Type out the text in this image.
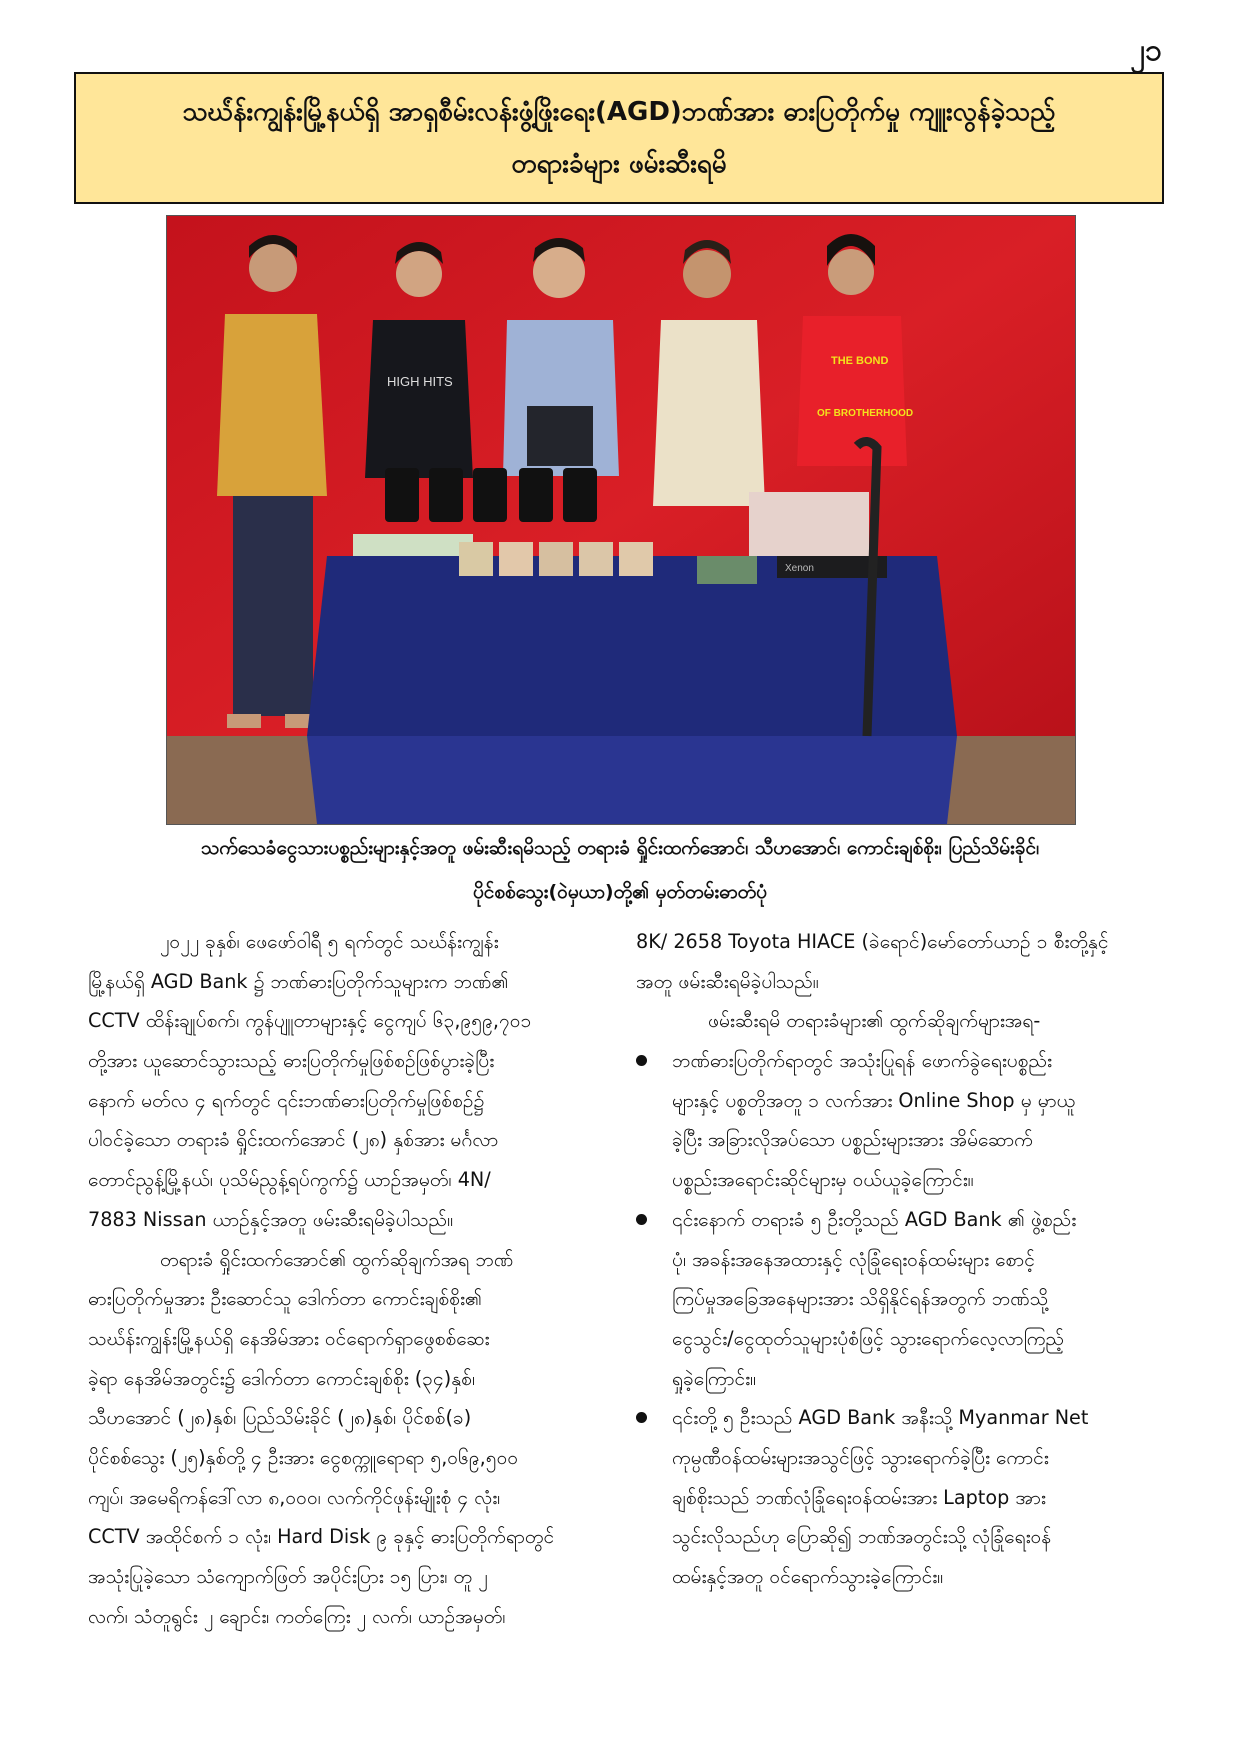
၂၁
သဃ်ံန်းကျွန်းမြို့နယ်ရှိ အာရှစီမ်းလန်းဖွံ့ဖြိုးရေး(AGD)ဘဏ်အား ဓားပြတိုက်မှု ကျူးလွန်ခဲ့သည့်
တရားခံများ ဖမ်းဆီးရမိ
HIGH HITS
THE BOND
OF BROTHERHOOD
Xenon
သက်သေခံငွေသားပစ္စည်းများနှင့်အတူ ဖမ်းဆီးရမိသည့် တရားခံ ရှိုင်းထက်အောင်၊ သီဟအောင်၊ ကောင်းချစ်စိုး၊ ပြည်သိမ်းခိုင်၊
ပိုင်စစ်သွေး(ဝဲမှယာ)တို့၏ မှတ်တမ်းဓာတ်ပုံ
၂၀၂၂ ခုနှစ်၊ ဖေဖော်ဝါရီ ၅ ရက်တွင် သဃ်ံန်းကျွန်း
မြို့နယ်ရှိ AGD Bank ၌ ဘဏ်ဓားပြတိုက်သူများက ဘဏ်၏
CCTV ထိန်းချုပ်စက်၊ ကွန်ပျူတာများနှင့် ငွေကျပ် ၆၃,၉၅၉,၇၀၁
တို့အား ယူဆောင်သွားသည့် ဓားပြတိုက်မှုဖြစ်စဉ်ဖြစ်ပွားခဲ့ပြီး
နောက် မတ်လ ၄ ရက်တွင် ၎င်းဘဏ်ဓားပြတိုက်မှုဖြစ်စဉ်၌
ပါဝင်ခဲ့သော တရားခံ ရှိုင်းထက်အောင် (၂၈) နှစ်အား မင်္ဂလာ
တောင်ညွန့်မြို့နယ်၊ ပုသိမ်ညွန့်ရပ်ကွက်၌ ယာဉ်အမှတ်၊ 4N/
7883 Nissan ယာဉ်နှင့်အတူ ဖမ်းဆီးရမိခဲ့ပါသည်။
တရားခံ ရှိုင်းထက်အောင်၏ ထွက်ဆိုချက်အရ ဘဏ်
ဓားပြတိုက်မှုအား ဦးဆောင်သူ ဒေါက်တာ ကောင်းချစ်စိုး၏
သဃ်ံန်းကျွန်းမြို့နယ်ရှိ နေအိမ်အား ဝင်ရောက်ရှာဖွေစစ်ဆေး
ခဲ့ရာ နေအိမ်အတွင်း၌ ဒေါက်တာ ကောင်းချစ်စိုး (၃၄)နှစ်၊
သီဟအောင် (၂၈)နှစ်၊ ပြည်သိမ်းခိုင် (၂၈)နှစ်၊ ပိုင်စစ်(ခ)
ပိုင်စစ်သွေး (၂၅)နှစ်တို့ ၄ ဦးအား ငွေစက္ကူရောရာ ၅,၀၆၉,၅၀၀
ကျပ်၊ အမေရိကန်ဒေါ်လာ ၈,၀၀၀၊ လက်ကိုင်ဖုန်းမျိုးစုံ ၄ လုံး၊
CCTV အထိုင်စက် ၁ လုံး၊ Hard Disk ၉ ခုနှင့် ဓားပြတိုက်ရာတွင်
အသုံးပြုခဲ့သော သံကျောက်ဖြတ် အပိုင်းပြား ၁၅ ပြား၊ တူ ၂
လက်၊ သံတူရွင်း ၂ ချောင်း၊ ကတ်ကြေး ၂ လက်၊ ယာဉ်အမှတ်၊
8K/ 2658 Toyota HIACE (ခဲရောင်)မော်တော်ယာဉ် ၁ စီးတို့နှင့်
အတူ ဖမ်းဆီးရမိခဲ့ပါသည်။
ဖမ်းဆီးရမိ တရားခံများ၏ ထွက်ဆိုချက်များအရ-
ဘဏ်ဓားပြတိုက်ရာတွင် အသုံးပြုရန် ဖောက်ခွဲရေးပစ္စည်း
များနှင့် ပစ္စတိုအတူ ၁ လက်အား Online Shop မှ မှာယူ
ခဲ့ပြီး အခြားလိုအပ်သော ပစ္စည်းများအား အိမ်ဆောက်
ပစ္စည်းအရောင်းဆိုင်များမှ ဝယ်ယူခဲ့ကြောင်း။
၎င်းနောက် တရားခံ ၅ ဦးတို့သည် AGD Bank ၏ ဖွဲ့စည်း
ပုံ၊ အခန်းအနေအထားနှင့် လုံခြုံရေးဝန်ထမ်းများ စောင့်
ကြပ်မှုအခြေအနေများအား သိရှိနိုင်ရန်အတွက် ဘဏ်သို့
ငွေသွင်း/ငွေထုတ်သူများပုံစံဖြင့် သွားရောက်လေ့လာကြည့်
ရှုခဲ့ကြောင်း။
၎င်းတို့ ၅ ဦးသည် AGD Bank အနီးသို့ Myanmar Net
ကုမ္ပဏီဝန်ထမ်းများအသွင်ဖြင့် သွားရောက်ခဲ့ပြီး ကောင်း
ချစ်စိုးသည် ဘဏ်လုံခြုံရေးဝန်ထမ်းအား Laptop အား
သွင်းလိုသည်ဟု ပြောဆို၍ ဘဏ်အတွင်းသို့ လုံခြုံရေးဝန်
ထမ်းနှင့်အတူ ဝင်ရောက်သွားခဲ့ကြောင်း။
